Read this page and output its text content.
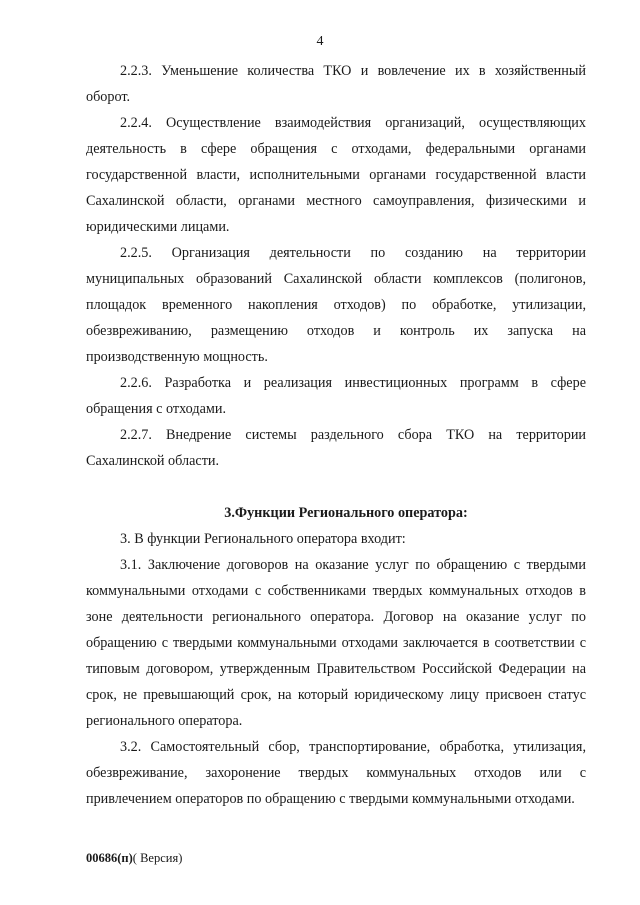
4

2.2.3. Уменьшение количества ТКО и вовлечение их в хозяйственный оборот.

2.2.4. Осуществление взаимодействия организаций, осуществляющих деятельность в сфере обращения с отходами, федеральными органами государственной власти, исполнительными органами государственной власти Сахалинской области, органами местного самоуправления, физическими и юридическими лицами.

2.2.5. Организация деятельности по созданию на территории муниципальных образований Сахалинской области комплексов (полигонов, площадок временного накопления отходов) по обработке, утилизации, обезвреживанию, размещению отходов и контроль их запуска на производственную мощность.

2.2.6. Разработка и реализация инвестиционных программ в сфере обращения с отходами.

2.2.7. Внедрение системы раздельного сбора ТКО на территории Сахалинской области.

3.Функции Регионального оператора:

3. В функции Регионального оператора входит:

3.1. Заключение договоров на оказание услуг по обращению с твердыми коммунальными отходами с собственниками твердых коммунальных отходов в зоне деятельности регионального оператора. Договор на оказание услуг по обращению с твердыми коммунальными отходами заключается в соответствии с типовым договором, утвержденным Правительством Российской Федерации на срок, не превышающий срок, на который юридическому лицу присвоен статус регионального оператора.

3.2. Самостоятельный сбор, транспортирование, обработка, утилизация, обезвреживание, захоронение твердых коммунальных отходов или с привлечением операторов по обращению с твердыми коммунальными отходами.

00686(п)( Версия)
